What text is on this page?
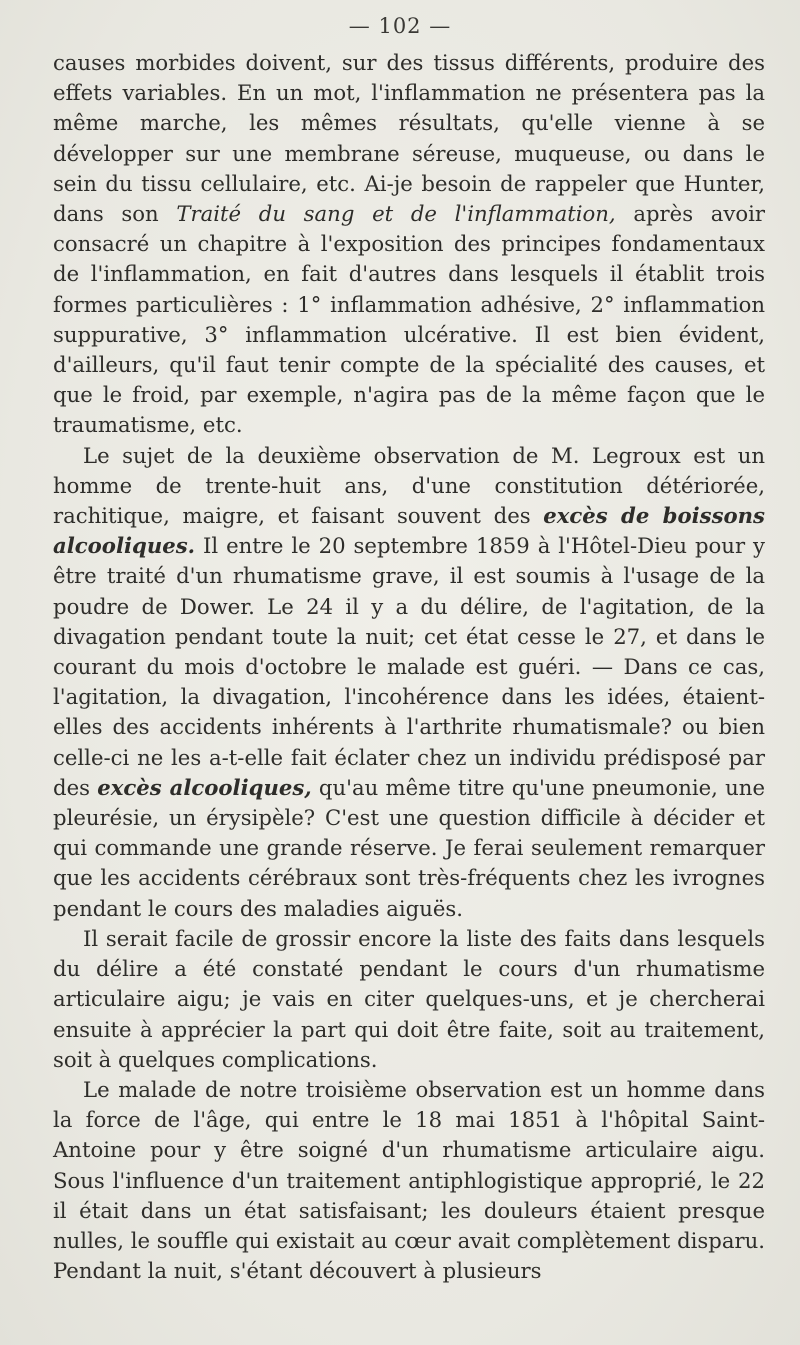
— 102 —

causes morbides doivent, sur des tissus différents, produire des effets variables. En un mot, l'inflammation ne présentera pas la même marche, les mêmes résultats, qu'elle vienne à se développer sur une membrane séreuse, muqueuse, ou dans le sein du tissu cellulaire, etc. Ai-je besoin de rappeler que Hunter, dans son Traité du sang et de l'inflammation, après avoir consacré un chapitre à l'exposition des principes fondamentaux de l'inflammation, en fait d'autres dans lesquels il établit trois formes particulières : 1° inflammation adhésive, 2° inflammation suppurative, 3° inflammation ulcérative. Il est bien évident, d'ailleurs, qu'il faut tenir compte de la spécialité des causes, et que le froid, par exemple, n'agira pas de la même façon que le traumatisme, etc.

Le sujet de la deuxième observation de M. Legroux est un homme de trente-huit ans, d'une constitution détériorée, rachitique, maigre, et faisant souvent des excès de boissons alcooliques. Il entre le 20 septembre 1859 à l'Hôtel-Dieu pour y être traité d'un rhumatisme grave, il est soumis à l'usage de la poudre de Dower. Le 24 il y a du délire, de l'agitation, de la divagation pendant toute la nuit; cet état cesse le 27, et dans le courant du mois d'octobre le malade est guéri. — Dans ce cas, l'agitation, la divagation, l'incohérence dans les idées, étaient-elles des accidents inhérents à l'arthrite rhumatismale? ou bien celle-ci ne les a-t-elle fait éclater chez un individu prédisposé par des excès alcooliques, qu'au même titre qu'une pneumonie, une pleurésie, un érysipèle? C'est une question difficile à décider et qui commande une grande réserve. Je ferai seulement remarquer que les accidents cérébraux sont très-fréquents chez les ivrognes pendant le cours des maladies aiguës.

Il serait facile de grossir encore la liste des faits dans lesquels du délire a été constaté pendant le cours d'un rhumatisme articulaire aigu; je vais en citer quelques-uns, et je chercherai ensuite à apprécier la part qui doit être faite, soit au traitement, soit à quelques complications.

Le malade de notre troisième observation est un homme dans la force de l'âge, qui entre le 18 mai 1851 à l'hôpital Saint-Antoine pour y être soigné d'un rhumatisme articulaire aigu. Sous l'influence d'un traitement antiphlogistique approprié, le 22 il était dans un état satisfaisant; les douleurs étaient presque nulles, le souffle qui existait au cœur avait complètement disparu. Pendant la nuit, s'étant découvert à plusieurs
